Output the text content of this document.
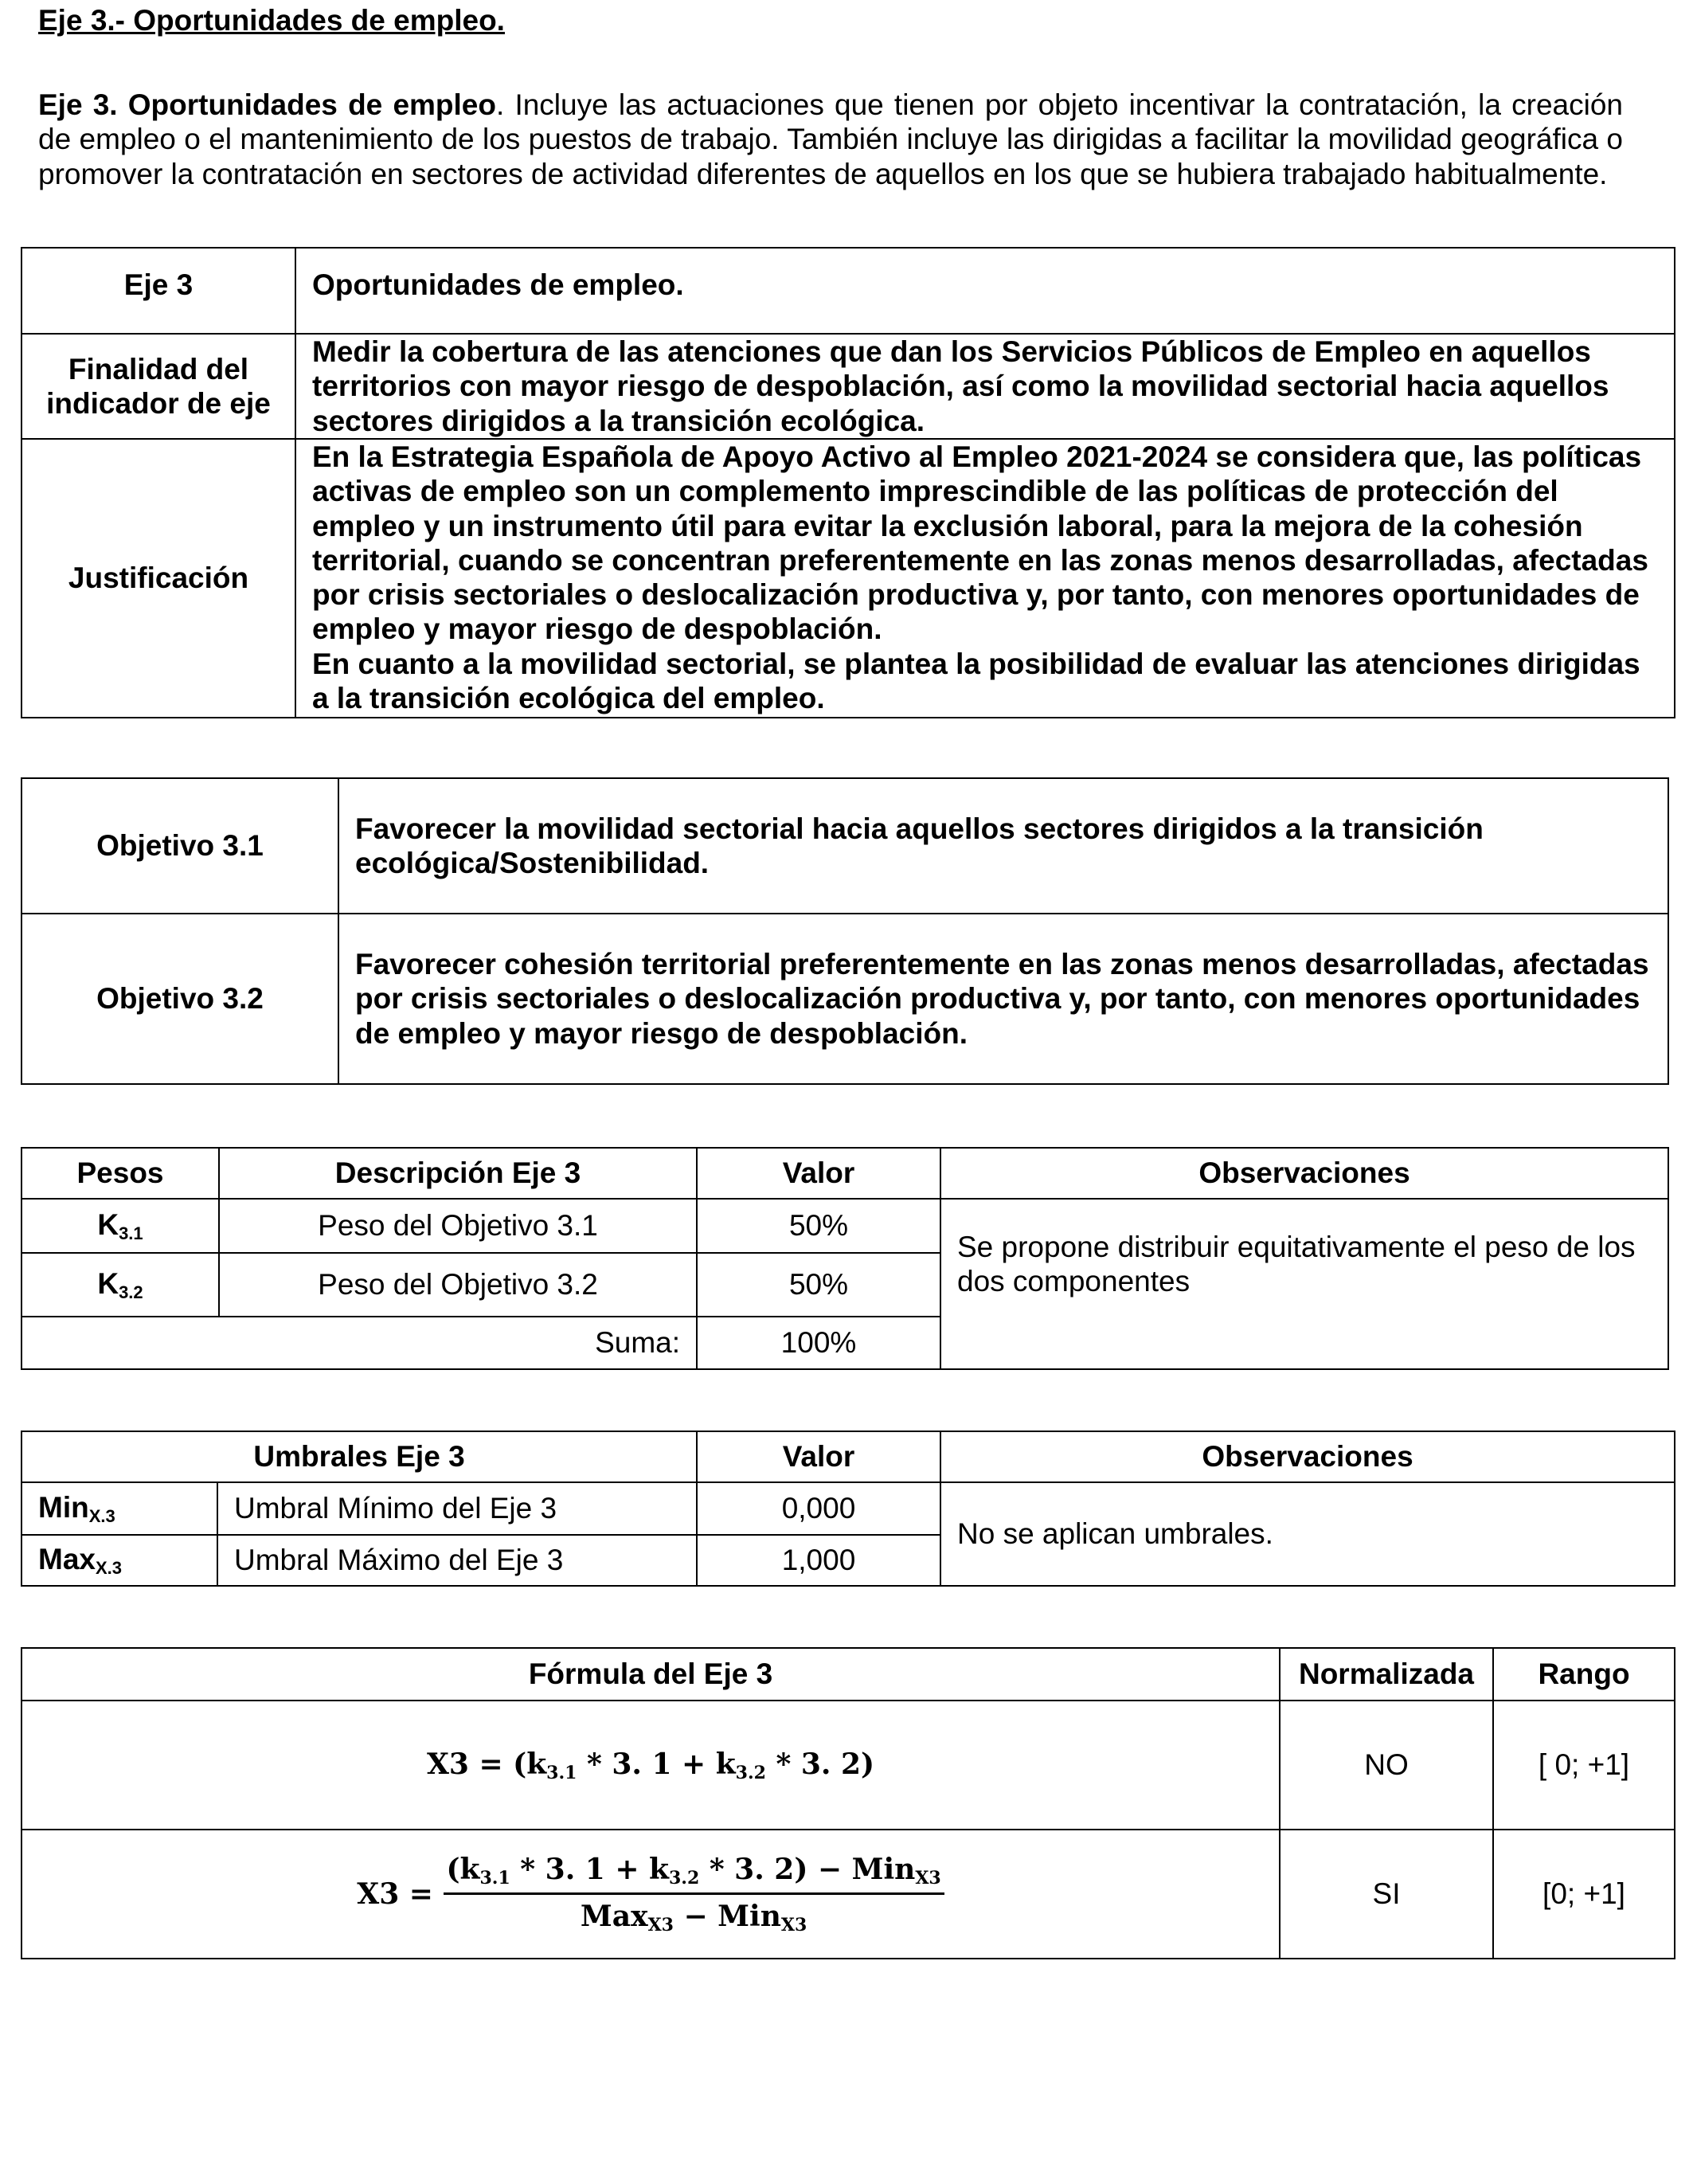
Eje 3.- Oportunidades de empleo.

Eje 3. Oportunidades de empleo. Incluye las actuaciones que tienen por objeto incentivar la contratación, la creación de empleo o el mantenimiento de los puestos de trabajo. También incluye las dirigidas a facilitar la movilidad geográfica o promover la contratación en sectores de actividad diferentes de aquellos en los que se hubiera trabajado habitualmente.

Eje 3	Oportunidades de empleo.
Finalidad del indicador de eje	Medir la cobertura de las atenciones que dan los Servicios Públicos de Empleo en aquellos territorios con mayor riesgo de despoblación, así como la movilidad sectorial hacia aquellos sectores dirigidos a la transición ecológica.
Justificación	En la Estrategia Española de Apoyo Activo al Empleo 2021-2024 se considera que, las políticas activas de empleo son un complemento imprescindible de las políticas de protección del empleo y un instrumento útil para evitar la exclusión laboral, para la mejora de la cohesión territorial, cuando se concentran preferentemente en las zonas menos desarrolladas, afectadas por crisis sectoriales o deslocalización productiva y, por tanto, con menores oportunidades de empleo y mayor riesgo de despoblación.
En cuanto a la movilidad sectorial, se plantea la posibilidad de evaluar las atenciones dirigidas a la transición ecológica del empleo.
Objetivo 3.1	Favorecer la movilidad sectorial hacia aquellos sectores dirigidos a la transición ecológica/Sostenibilidad.
Objetivo 3.2	Favorecer cohesión territorial preferentemente en las zonas menos desarrolladas, afectadas por crisis sectoriales o deslocalización productiva y, por tanto, con menores oportunidades de empleo y mayor riesgo de despoblación.
Pesos	Descripción Eje 3	Valor	Observaciones
$K_{3.1}$	Peso del Objetivo 3.1	50%	Se propone distribuir equitativamente el peso de los dos componentes
$K_{3.2}$	Peso del Objetivo 3.2	50%	
Suma:		100%	
Umbrales Eje 3		Valor	Observaciones
Min$_{X.3}$	Umbral Mínimo del Eje 3	0,000	No se aplican umbrales.
Max$_{X.3}$	Umbral Máximo del Eje 3	1,000	
Fórmula del Eje 3	Normalizada	Rango
$X3 = (k_{3.1} * 3$. $1 + k_{3.2} * 3$. 2)	NO	[ 0; +1]
$X3 = \frac{(k_{3.1} * 3. 1 + k_{3.2} * 3. 2) - Min_{X3}}{Max_{X3} - Min_{X3}}$	SI	[0; +1]
